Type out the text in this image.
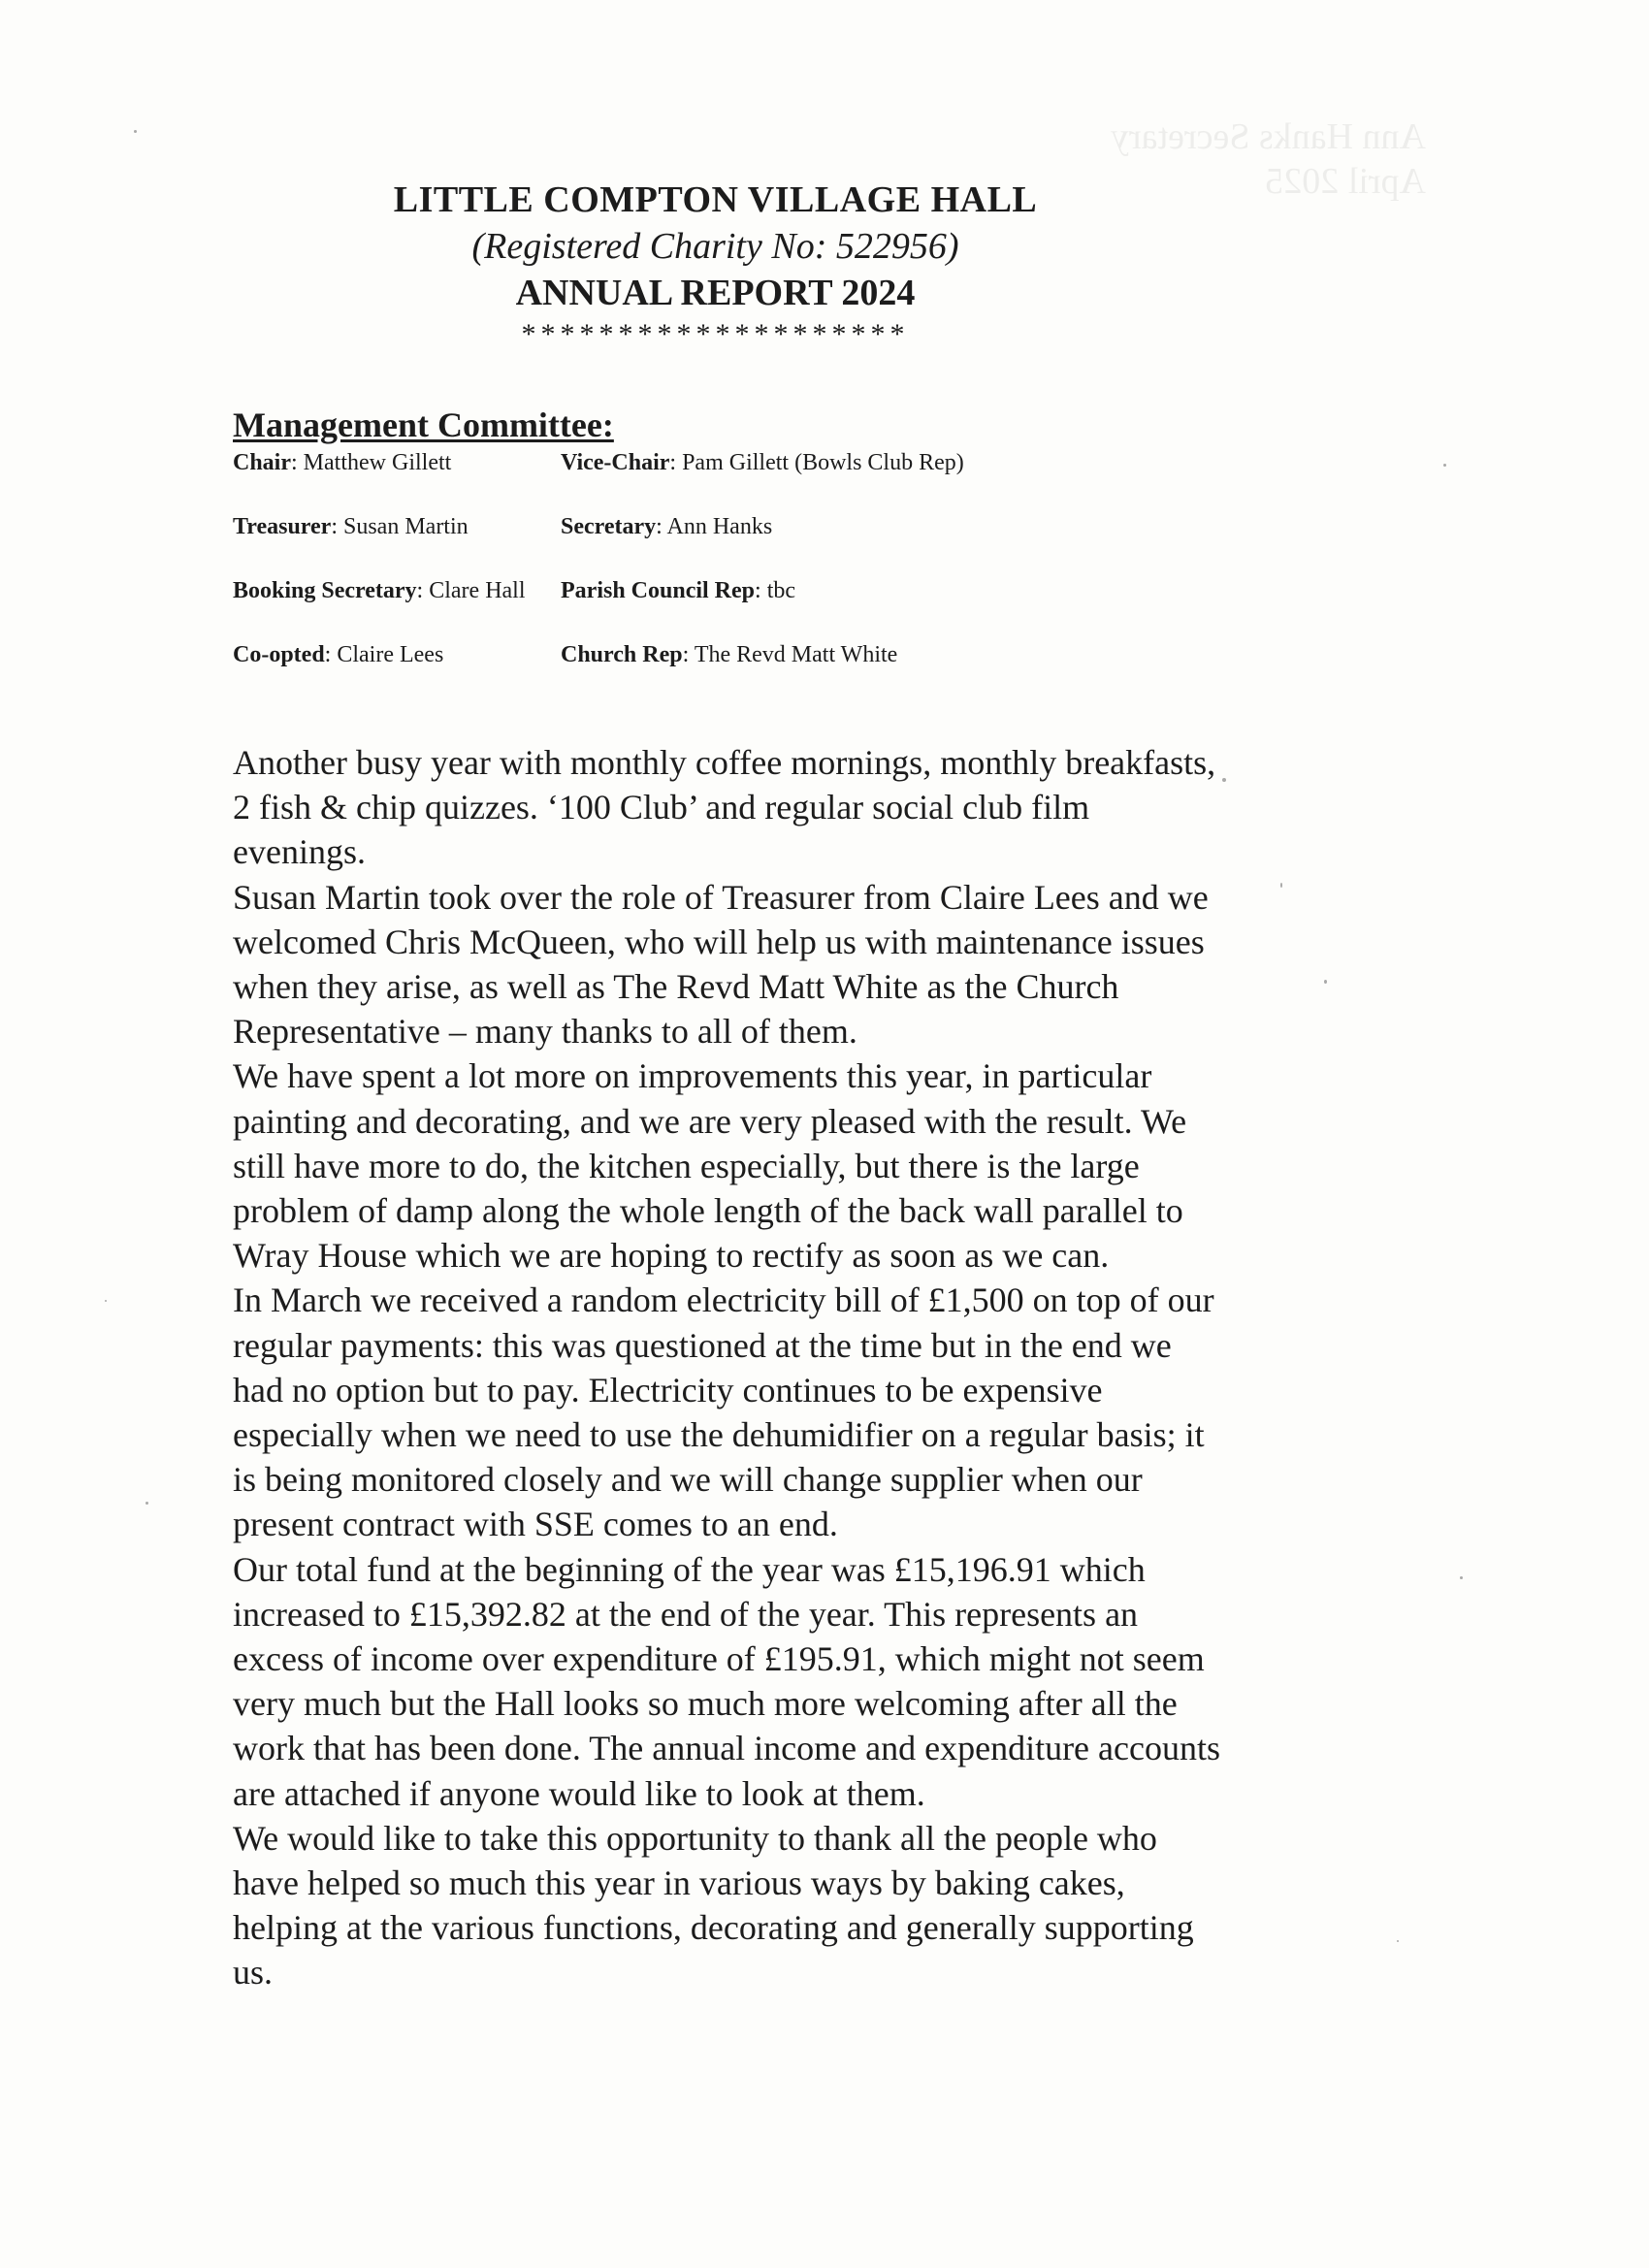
Ann Hanks Secretary
April 2025
LITTLE COMPTON VILLAGE HALL
(Registered Charity No: 522956)
ANNUAL REPORT 2024
********************
Management Committee:
Chair: Matthew Gillett	Vice-Chair: Pam Gillett (Bowls Club Rep)
Treasurer: Susan Martin	Secretary: Ann Hanks
Booking Secretary: Clare Hall	Parish Council Rep: tbc
Co-opted: Claire Lees	Church Rep: The Revd Matt White

Another busy year with monthly coffee mornings, monthly breakfasts, 2 fish & chip quizzes. ‘100 Club’ and regular social club film evenings.

Susan Martin took over the role of Treasurer from Claire Lees and we welcomed Chris McQueen, who will help us with maintenance issues when they arise, as well as The Revd Matt White as the Church Representative – many thanks to all of them.

We have spent a lot more on improvements this year, in particular painting and decorating, and we are very pleased with the result. We still have more to do, the kitchen especially, but there is the large problem of damp along the whole length of the back wall parallel to Wray House which we are hoping to rectify as soon as we can.

In March we received a random electricity bill of £1,500 on top of our regular payments: this was questioned at the time but in the end we had no option but to pay. Electricity continues to be expensive especially when we need to use the dehumidifier on a regular basis; it is being monitored closely and we will change supplier when our present contract with SSE comes to an end.

Our total fund at the beginning of the year was £15,196.91 which increased to £15,392.82 at the end of the year. This represents an excess of income over expenditure of £195.91, which might not seem very much but the Hall looks so much more welcoming after all the work that has been done. The annual income and expenditure accounts are attached if anyone would like to look at them.

We would like to take this opportunity to thank all the people who have helped so much this year in various ways by baking cakes, helping at the various functions, decorating and generally supporting us.
